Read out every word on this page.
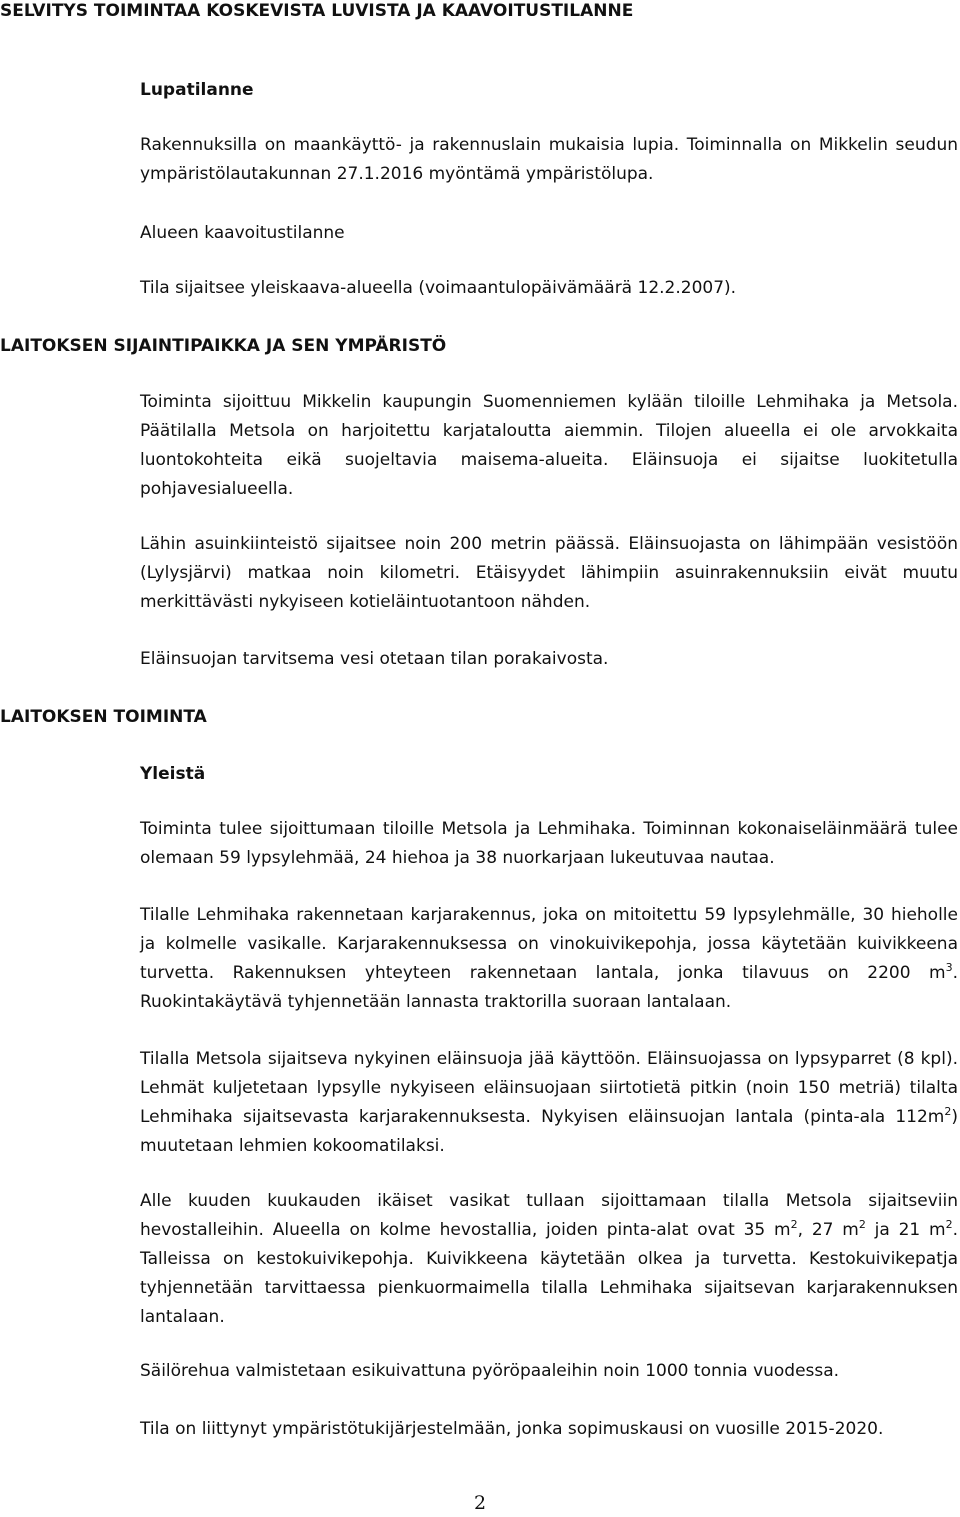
SELVITYS TOIMINTAA KOSKEVISTA LUVISTA JA KAAVOITUSTILANNE
Lupatilanne

Rakennuksilla on maankäyttö- ja rakennuslain mukaisia lupia. Toiminnalla on Mikkelin seudun ympäristölautakunnan 27.1.2016 myöntämä ympäristölupa.

Alueen kaavoitustilanne

Tila sijaitsee yleiskaava-alueella (voimaantulopäivämäärä 12.2.2007).

LAITOKSEN SIJAINTIPAIKKA JA SEN YMPÄRISTÖ

Toiminta sijoittuu Mikkelin kaupungin Suomenniemen kylään tiloille Lehmihaka ja Metsola. Päätilalla Metsola on harjoitettu karjataloutta aiemmin. Tilojen alueella ei ole arvokkaita luontokohteita eikä suojeltavia maisema-alueita. Eläinsuoja ei sijaitse luokitetulla pohjavesialueella.

Lähin asuinkiinteistö sijaitsee noin 200 metrin päässä. Eläinsuojasta on lähimpään vesistöön (Lylysjärvi) matkaa noin kilometri. Etäisyydet lähimpiin asuinrakennuksiin eivät muutu merkittävästi nykyiseen kotieläintuotantoon nähden.

Eläinsuojan tarvitsema vesi otetaan tilan porakaivosta.

LAITOKSEN TOIMINTA
Yleistä

Toiminta tulee sijoittumaan tiloille Metsola ja Lehmihaka. Toiminnan kokonaiseläinmäärä tulee olemaan 59 lypsylehmää, 24 hiehoa ja 38 nuorkarjaan lukeutuvaa nautaa.

Tilalle Lehmihaka rakennetaan karjarakennus, joka on mitoitettu 59 lypsylehmälle, 30 hieholle ja kolmelle vasikalle. Karjarakennuksessa on vinokuivikepohja, jossa käytetään kuivikkeena turvetta. Rakennuksen yhteyteen rakennetaan lantala, jonka tilavuus on 2200 $m^3$. Ruokintakäytävä tyhjennetään lannasta traktorilla suoraan lantalaan.

Tilalla Metsola sijaitseva nykyinen eläinsuoja jää käyttöön. Eläinsuojassa on lypsyparret (8 kpl). Lehmät kuljetetaan lypsylle nykyiseen eläinsuojaan siirtotietä pitkin (noin 150 metriä) tilalta Lehmihaka sijaitsevasta karjarakennuksesta. Nykyisen eläinsuojan lantala (pinta-ala $112m^2$) muutetaan lehmien kokoomatilaksi.

Alle kuuden kuukauden ikäiset vasikat tullaan sijoittamaan tilalla Metsola sijaitseviin hevostalleihin. Alueella on kolme hevostallia, joiden pinta-alat ovat 35 $m^2$, 27 $m^2$ ja 21 $m^2$. Talleissa on kestokuivikepohja. Kuivikkeena käytetään olkea ja turvetta. Kestokuivikepatja tyhjennetään tarvittaessa pienkuormaimella tilalla Lehmihaka sijaitsevan karjarakennuksen lantalaan.

Säilörehua valmistetaan esikuivattuna pyöröpaaleihin noin 1000 tonnia vuodessa.

Tila on liittynyt ympäristötukijärjestelmään, jonka sopimuskausi on vuosille 2015-2020.

2
